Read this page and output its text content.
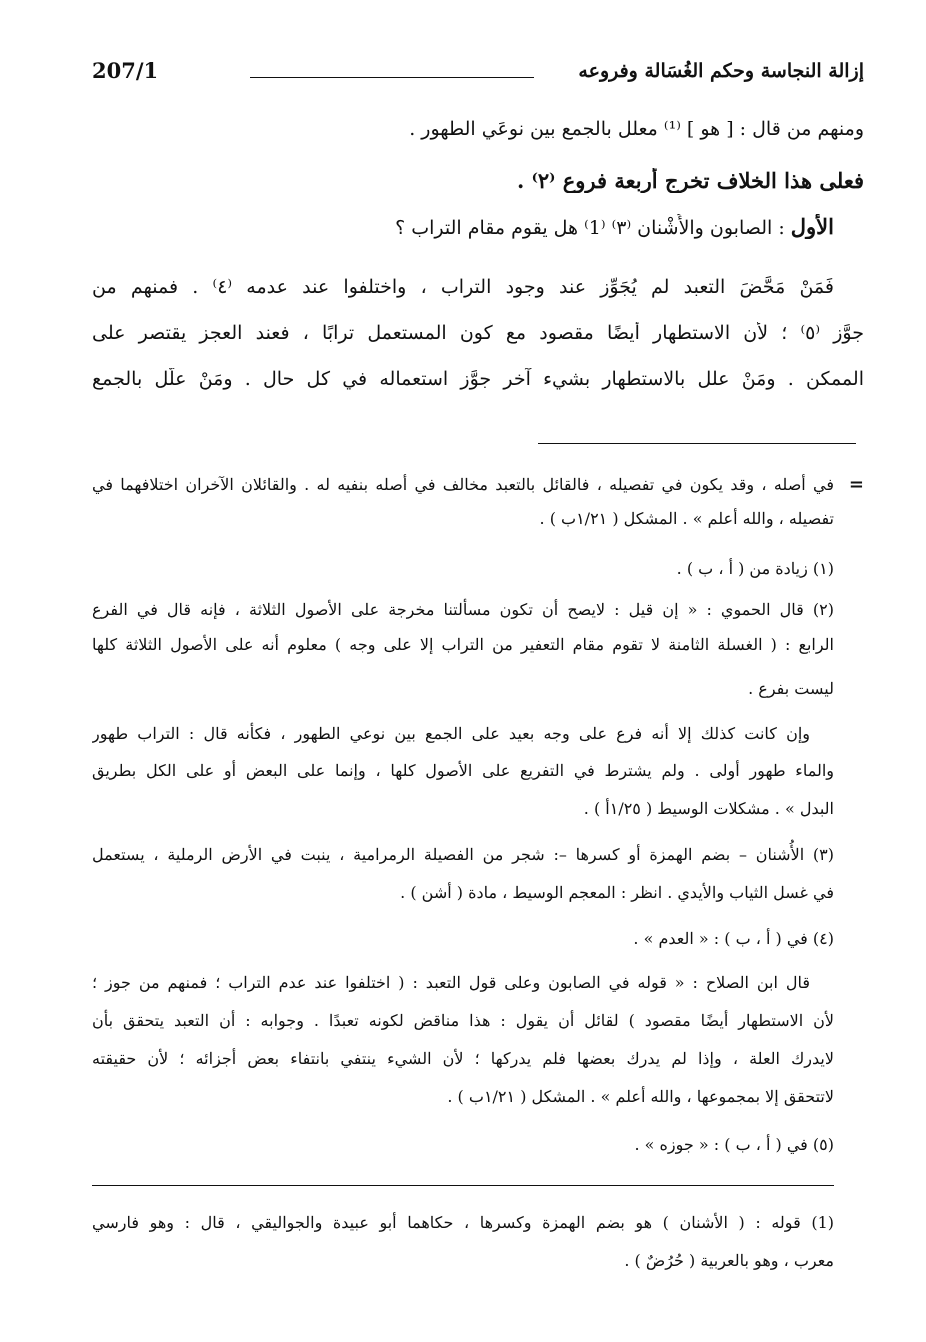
إزالة النجاسة وحكم الغُسَالة وفروعه
207/1
ومنهم من قال : [ هو ] ⁽¹⁾ معلل بالجمع بين نوعَي الطهور .
فعلى هذا الخلاف تخرج أربعة فروع ⁽٢⁾ .
الأول : الصابون والأُشْنان ⁽٣⁾ ⁽1⁾ هل يقوم مقام التراب ؟
فَمَنْ مَحَّضَ التعبد لم يُجَوِّز عند وجود التراب ، واختلفوا عند عدمه ⁽٤⁾ . فمنهم من
جوَّز ⁽٥⁾ ؛ لأن الاستطهار أيضًا مقصود مع كون المستعمل ترابًا ، فعند العجز يقتصر على
الممكن . ومَنْ علل بالاستطهار بشيء آخر جوَّز استعماله في كل حال . ومَنْ علَّل بالجمع
=
في أصله ، وقد يكون في تفصيله ، فالقائل بالتعبد مخالف في أصله بنفيه له . والقائلان الآخران اختلافهما في
تفصيله ، والله أعلم » . المشكل ( ١/٢١ب ) .
(١) زيادة من ( أ ، ب ) .
(٢) قال الحموي : « إن قيل : لايصح أن تكون مسألتنا مخرجة على الأصول الثلاثة ، فإنه قال في الفرع
الرابع : ( الغسلة الثامنة لا تقوم مقام التعفير من التراب إلا على وجه ) معلوم أنه على الأصول الثلاثة كلها
ليست بفرع .
وإن كانت كذلك إلا أنه فرع على وجه بعيد على الجمع بين نوعي الطهور ، فكأنه قال : التراب طهور
والماء طهور أولى . ولم يشترط في التفريع على الأصول كلها ، وإنما على البعض أو على الكل بطريق
البدل » . مشكلات الوسيط ( ١/٢٥أ ) .
(٣) الأُشنان – بضم الهمزة أو كسرها –: شجر من الفصيلة الرمرامية ، ينبت في الأرض الرملية ، يستعمل
في غسل الثياب والأيدي . انظر : المعجم الوسيط ، مادة ( أشن ) .
(٤) في ( أ ، ب ) : « العدم » .
قال ابن الصلاح : « قوله في الصابون وعلى قول التعبد : ( اختلفوا عند عدم التراب ؛ فمنهم من جوز ؛
لأن الاستطهار أيضًا مقصود ) لقائل أن يقول : هذا مناقض لكونه تعبدًا . وجوابه : أن التعبد يتحقق بأن
لايدرك العلة ، وإذا لم يدرك بعضها فلم يدركها ؛ لأن الشيء ينتفي بانتفاء بعض أجزائه ؛ لأن حقيقته
لاتتحقق إلا بمجموعها ، والله أعلم » . المشكل ( ١/٢١ب ) .
(٥) في ( أ ، ب ) : « جوزه » .
(1) قوله : ( الأشنان ) هو بضم الهمزة وكسرها ، حكاهما أبو عبيدة والجواليقي ، قال : وهو فارسي
معرب ، وهو بالعربية ( حُرُضٌ ) .
